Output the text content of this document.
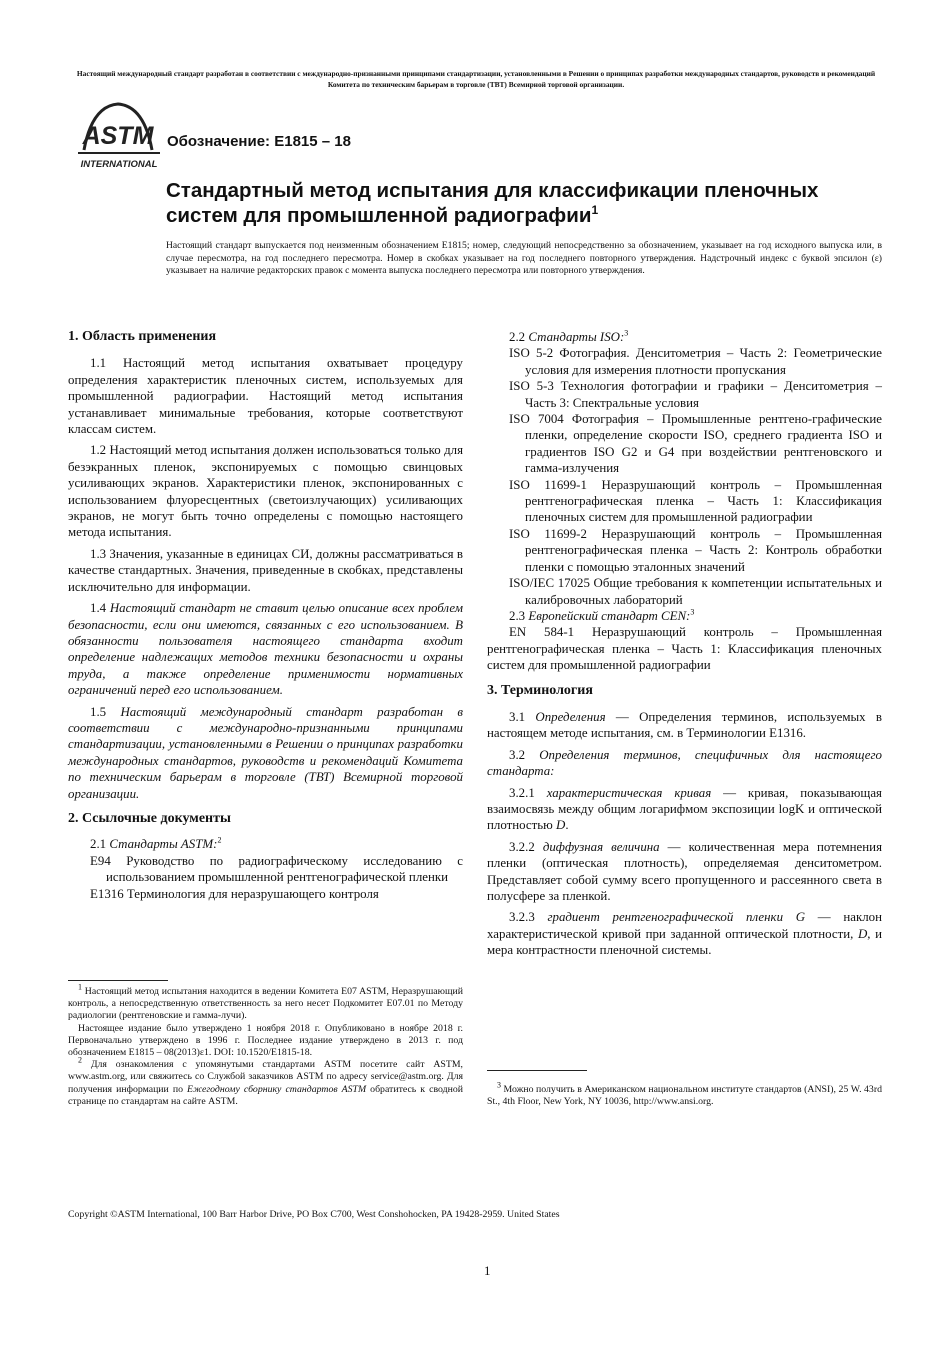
Настоящий международный стандарт разработан в соответствии с международно-признанными принципами стандартизации, установленными в Решении о принципах разработки международных стандартов, руководств и рекомендаций Комитета по техническим барьерам в торговле (ТВТ) Всемирной торговой организации.
ASTM
INTERNATIONAL
Обозначение: E1815 – 18
Стандартный метод испытания для классификации пленочных систем для промышленной радиографии$^1$
Настоящий стандарт выпускается под неизменным обозначением E1815; номер, следующий непосредственно за обозначением, указывает на год исходного выпуска или, в случае пересмотра, на год последнего пересмотра. Номер в скобках указывает на год последнего повторного утверждения. Надстрочный индекс с буквой эпсилон (ε) указывает на наличие редакторских правок с момента выпуска последнего пересмотра или повторного утверждения.

1. Область применения

1.1 Настоящий метод испытания охватывает процедуру определения характеристик пленочных систем, используемых для промышленной радиографии. Настоящий метод испытания устанавливает минимальные требования, которые соответствуют классам систем.

1.2 Настоящий метод испытания должен использоваться только для безэкранных пленок, экспонируемых с помощью свинцовых усиливающих экранов. Характеристики пленок, экспонированных с использованием флуоресцентных (светоизлучающих) усиливающих экранов, не могут быть точно определены с помощью настоящего метода испытания.

1.3 Значения, указанные в единицах СИ, должны рассматриваться в качестве стандартных. Значения, приведенные в скобках, представлены исключительно для информации.

1.4 Настоящий стандарт не ставит целью описание всех проблем безопасности, если они имеются, связанных с его использованием. В обязанности пользователя настоящего стандарта входит определение надлежащих методов техники безопасности и охраны труда, а также определение применимости нормативных ограничений перед его использованием.

1.5 Настоящий международный стандарт разработан в соответствии с международно-признанными принципами стандартизации, установленными в Решении о принципах разработки международных стандартов, руководств и рекомендаций Комитета по техническим барьерам в торговле (ТВТ) Всемирной торговой организации.

2. Ссылочные документы

2.1 Стандарты ASTM:$^2$

E94 Руководство по радиографическому исследованию с использованием промышленной рентгенографической пленки

E1316 Терминология для неразрушающего контроля

$^1$ Настоящий метод испытания находится в ведении Комитета E07 ASTM, Неразрушающий контроль, а непосредственную ответственность за него несет Подкомитет E07.01 по Методу радиологии (рентгеновские и гамма-лучи).

Настоящее издание было утверждено 1 ноября 2018 г. Опубликовано в ноябре 2018 г. Первоначально утверждено в 1996 г. Последнее издание утверждено в 2013 г. под обозначением E1815 – 08(2013)ε1. DOI: 10.1520/E1815-18.

$^2$ Для ознакомления с упомянутыми стандартами ASTM посетите сайт ASTM, www.astm.org, или свяжитесь со Службой заказчиков ASTM по адресу service@astm.org. Для получения информации по Ежегодному сборнику стандартов ASTM обратитесь к сводной странице по стандартам на сайте ASTM.

2.2 Стандарты ISO:$^3$

ISO 5-2 Фотография. Денситометрия – Часть 2: Геометрические условия для измерения плотности пропускания

ISO 5-3 Технология фотографии и графики – Денситометрия – Часть 3: Спектральные условия

ISO 7004 Фотография – Промышленные рентгено-графические пленки, определение скорости ISO, среднего градиента ISO и градиентов ISO G2 и G4 при воздействии рентгеновского и гамма-излучения

ISO 11699-1 Неразрушающий контроль – Промышленная рентгенографическая пленка – Часть 1: Классификация пленочных систем для промышленной радиографии

ISO 11699-2 Неразрушающий контроль – Промышленная рентгенографическая пленка – Часть 2: Контроль обработки пленки с помощью эталонных значений

ISO/IEC 17025 Общие требования к компетенции испытательных и калибровочных лабораторий

2.3 Европейский стандарт CEN:$^3$

EN 584-1 Неразрушающий контроль – Промышленная рентгенографическая пленка – Часть 1: Классификация пленочных систем для промышленной радиографии

3. Терминология

3.1 Определения — Определения терминов, используемых в настоящем методе испытания, см. в Терминологии E1316.

3.2 Определения терминов, специфичных для настоящего стандарта:

3.2.1 характеристическая кривая — кривая, показывающая взаимосвязь между общим логарифмом экспозиции logK и оптической плотностью D.

3.2.2 диффузная величина — количественная мера потемнения пленки (оптическая плотность), определяемая денситометром. Представляет собой сумму всего пропущенного и рассеянного света в полусфере за пленкой.

3.2.3 градиент рентгенографической пленки G — наклон характеристической кривой при заданной оптической плотности, D, и мера контрастности пленочной системы.

$^3$ Можно получить в Американском национальном институте стандартов (ANSI), 25 W. 43rd St., 4th Floor, New York, NY 10036, http://www.ansi.org.

Copyright ©ASTM International, 100 Barr Harbor Drive, PO Box C700, West Conshohocken, PA 19428-2959. United States
1
